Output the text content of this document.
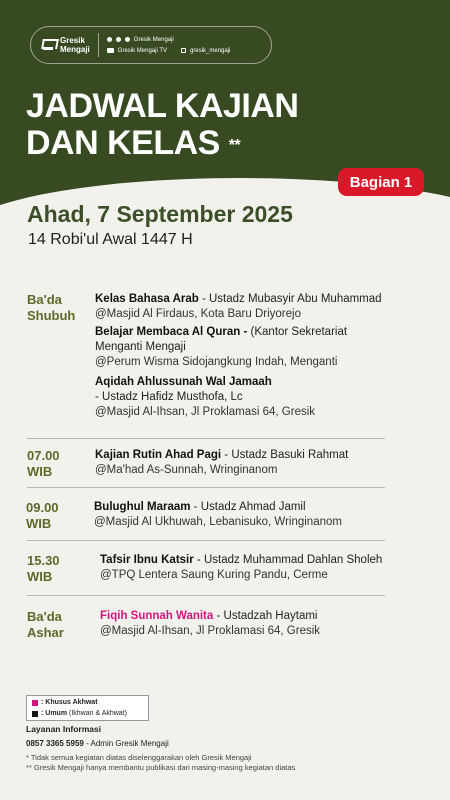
Gresik
Mengaji
Gresik Mengaji
Gresik Mengaji TV	gresik_mengaji
JADWAL KAJIAN
DAN KELAS **
Bagian 1
Ahad, 7 September 2025
14 Robi'ul Awal 1447 H
Ba'da
Shubuh
Kelas Bahasa Arab - Ustadz Mubasyir Abu Muhammad
@Masjid Al Firdaus, Kota Baru Driyorejo
Belajar Membaca Al Quran - (Kantor Sekretariat
Menganti Mengaji
@Perum Wisma Sidojangkung Indah, Menganti
Aqidah Ahlussunah Wal Jamaah
- Ustadz Hafidz Musthofa, Lc
@Masjid Al-Ihsan, Jl Proklamasi 64, Gresik
07.00
WIB
Kajian Rutin Ahad Pagi - Ustadz Basuki Rahmat
@Ma'had As-Sunnah, Wringinanom
09.00
WIB
Bulughul Maraam - Ustadz Ahmad Jamil
@Masjid Al Ukhuwah, Lebanisuko, Wringinanom
15.30
WIB
Tafsir Ibnu Katsir - Ustadz Muhammad Dahlan Sholeh
@TPQ Lentera Saung Kuring Pandu, Cerme
Ba'da
Ashar
Fiqih Sunnah Wanita - Ustadzah Haytami
@Masjid Al-Ihsan, Jl Proklamasi 64, Gresik
: Khusus Akhwat
: Umum (Ikhwan & Akhwat)
Layanan Informasi
0857 3365 5959 - Admin Gresik Mengaji
* Tidak semua kegiatan diatas diselenggarakan oleh Gresik Mengaji
** Gresik Mengaji hanya membantu publikasi dari masing-masing kegiatan diatas
